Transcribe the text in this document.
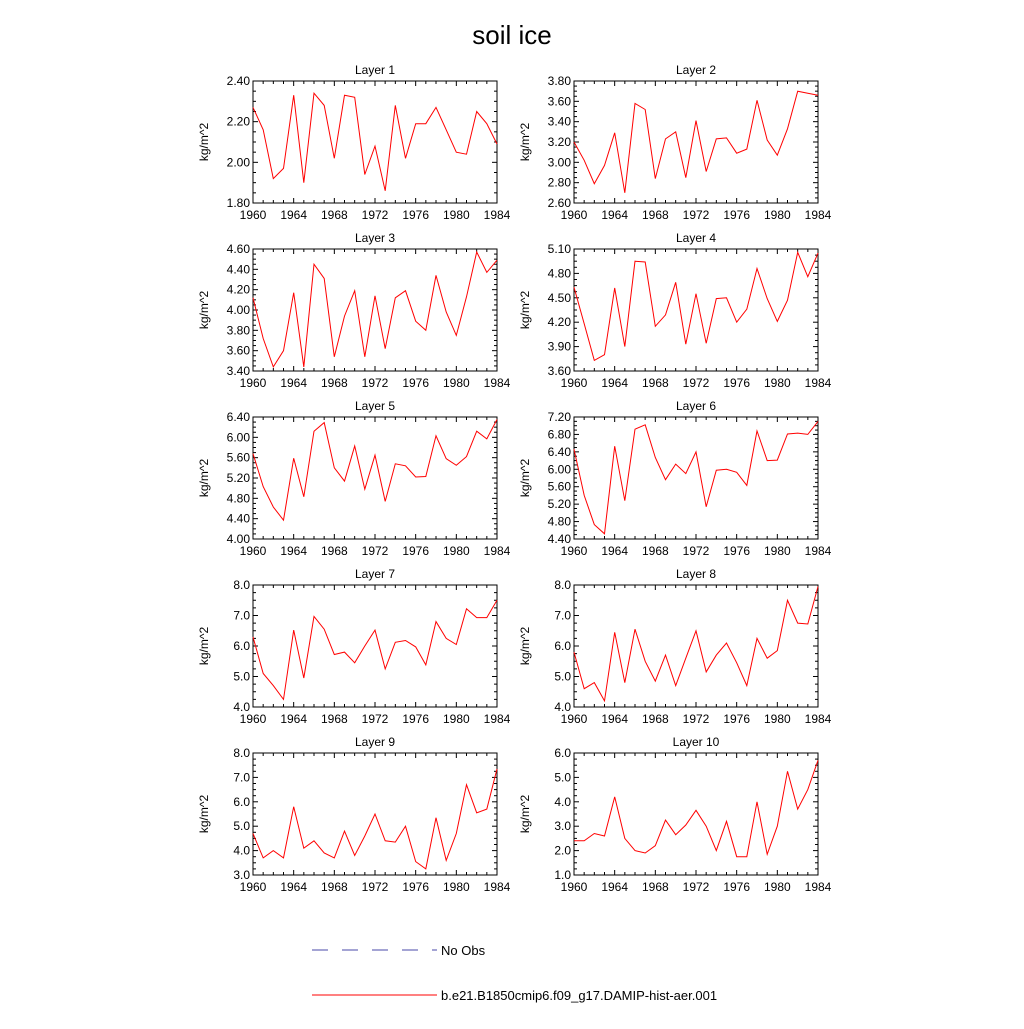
soil ice
Layer 1
1960 1964 1968 1972 1976 1980 1984
1.80
2.00
2.20
2.40
kg/m^2
Layer 2
1960 1964 1968 1972 1976 1980 1984
2.60
2.80
3.00
3.20
3.40
3.60
3.80
kg/m^2
Layer 3
1960 1964 1968 1972 1976 1980 1984
3.40
3.60
3.80
4.00
4.20
4.40
4.60
kg/m^2
Layer 4
1960 1964 1968 1972 1976 1980 1984
3.60
3.90
4.20
4.50
4.80
5.10
kg/m^2
Layer 5
1960 1964 1968 1972 1976 1980 1984
4.00
4.40
4.80
5.20
5.60
6.00
6.40
kg/m^2
Layer 6
1960 1964 1968 1972 1976 1980 1984
4.40
4.80
5.20
5.60
6.00
6.40
6.80
7.20
kg/m^2
Layer 7
1960 1964 1968 1972 1976 1980 1984
4.0
5.0
6.0
7.0
8.0
kg/m^2
Layer 8
1960 1964 1968 1972 1976 1980 1984
4.0
5.0
6.0
7.0
8.0
kg/m^2
Layer 9
1960 1964 1968 1972 1976 1980 1984
3.0
4.0
5.0
6.0
7.0
8.0
kg/m^2
Layer 10
1960 1964 1968 1972 1976 1980 1984
1.0
2.0
3.0
4.0
5.0
6.0
kg/m^2
No Obs
b.e21.B1850cmip6.f09_g17.DAMIP-hist-aer.001
